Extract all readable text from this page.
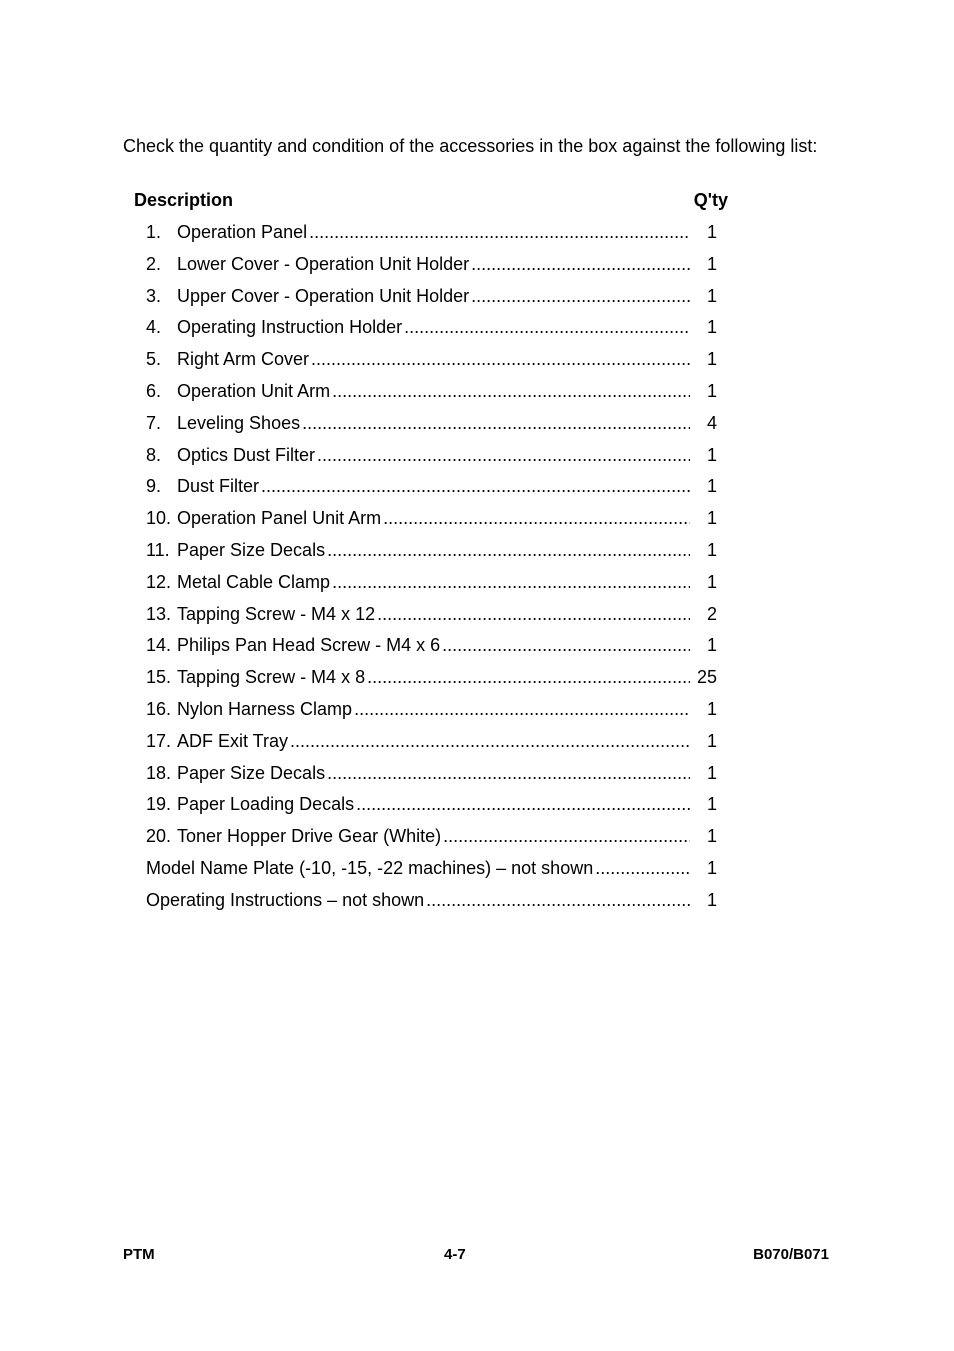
Check the quantity and condition of the accessories in the box against the following list:

Description	Q'ty
1. Operation Panel .....	1
2. Lower Cover - Operation Unit Holder .....	1
3. Upper Cover - Operation Unit Holder .....	1
4. Operating Instruction Holder .....	1
5. Right Arm Cover .....	1
6. Operation Unit Arm .....	1
7. Leveling Shoes .....	4
8. Optics Dust Filter .....	1
9. Dust Filter .....	1
10. Operation Panel Unit Arm .....	1
11. Paper Size Decals .....	1
12. Metal Cable Clamp .....	1
13. Tapping Screw - M4 x 12 .....	2
14. Philips Pan Head Screw - M4 x 6 .....	1
15. Tapping Screw - M4 x 8 .....	25
16. Nylon Harness Clamp .....	1
17. ADF Exit Tray .....	1
18. Paper Size Decals .....	1
19. Paper Loading Decals .....	1
20. Toner Hopper Drive Gear (White) .....	1
Model Name Plate (-10, -15, -22 machines) – not shown .....	1
Operating Instructions – not shown .....	1
PTM	4-7	B070/B071
